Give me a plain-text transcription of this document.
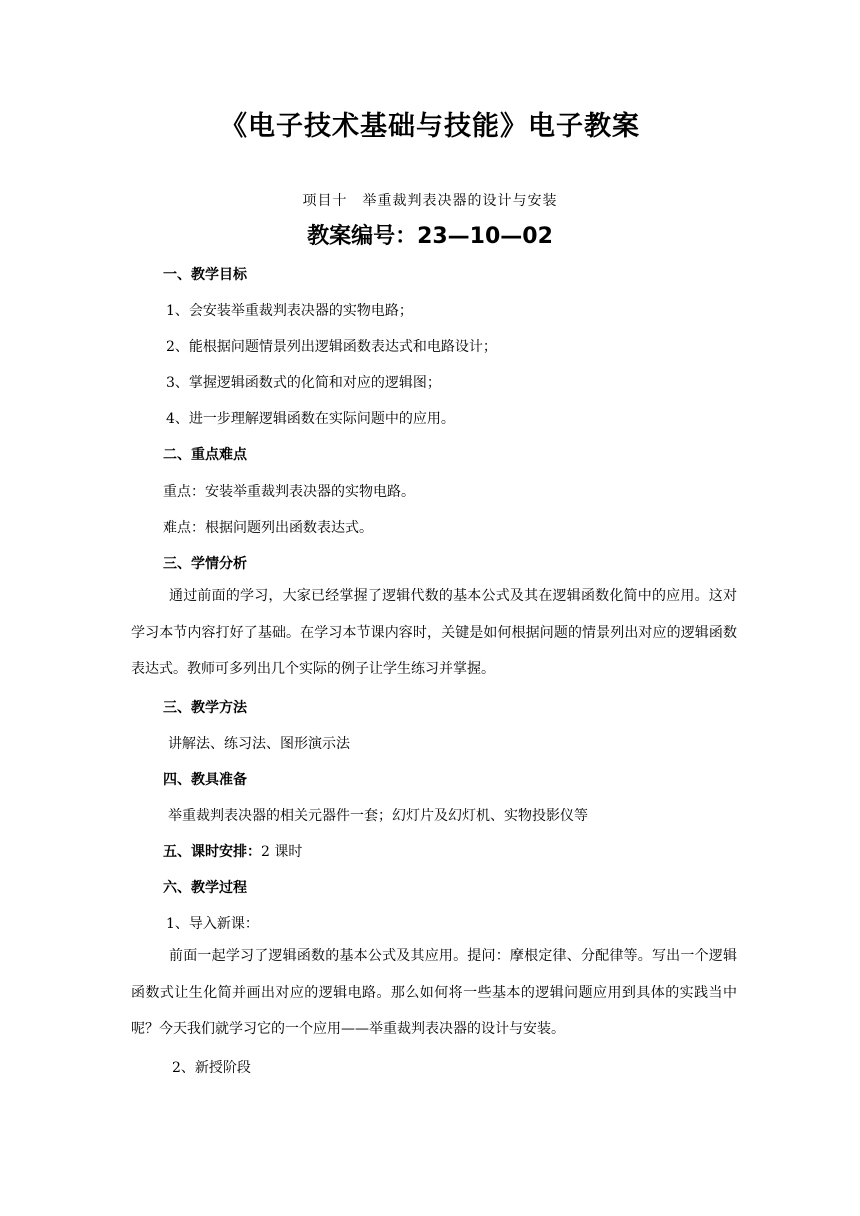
《电子技术基础与技能》电子教案
项目十　举重裁判表决器的设计与安装
教案编号：23—10—02
一、教学目标
1、会安装举重裁判表决器的实物电路；
2、能根据问题情景列出逻辑函数表达式和电路设计；
3、掌握逻辑函数式的化简和对应的逻辑图；
4、进一步理解逻辑函数在实际问题中的应用。
二、重点难点
重点：安装举重裁判表决器的实物电路。
难点：根据问题列出函数表达式。
三、学情分析
通过前面的学习，大家已经掌握了逻辑代数的基本公式及其在逻辑函数化简中的应用。这对学习本节内容打好了基础。在学习本节课内容时，关键是如何根据问题的情景列出对应的逻辑函数表达式。教师可多列出几个实际的例子让学生练习并掌握。
三、教学方法
讲解法、练习法、图形演示法
四、教具准备
举重裁判表决器的相关元器件一套；幻灯片及幻灯机、实物投影仪等
五、课时安排：2 课时
六、教学过程
1、导入新课：
前面一起学习了逻辑函数的基本公式及其应用。提问：摩根定律、分配律等。写出一个逻辑函数式让生化简并画出对应的逻辑电路。那么如何将一些基本的逻辑问题应用到具体的实践当中呢？今天我们就学习它的一个应用——举重裁判表决器的设计与安装。
2、新授阶段
